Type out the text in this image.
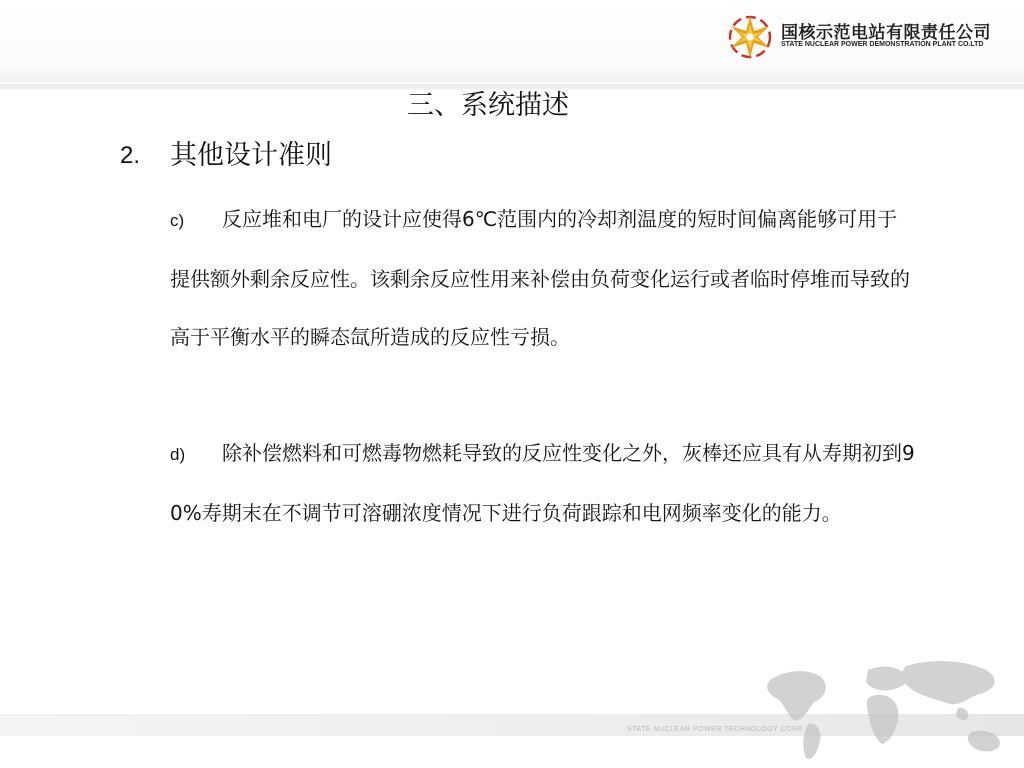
国核示范电站有限责任公司
STATE NUCLEAR POWER DEMONSTRATION PLANT CO.LTD
三、系统描述
2. 其他设计准则
c) 反应堆和电厂的设计应使得6℃范围内的冷却剂温度的短时间偏离能够可用于提供额外剩余反应性。该剩余反应性用来补偿由负荷变化运行或者临时停堆而导致的高于平衡水平的瞬态氙所造成的反应性亏损。
d) 除补偿燃料和可燃毒物燃耗导致的反应性变化之外，灰棒还应具有从寿期初到90%寿期末在不调节可溶硼浓度情况下进行负荷跟踪和电网频率变化的能力。
STATE NUCLEAR POWER TECHNOLOGY CORP.
